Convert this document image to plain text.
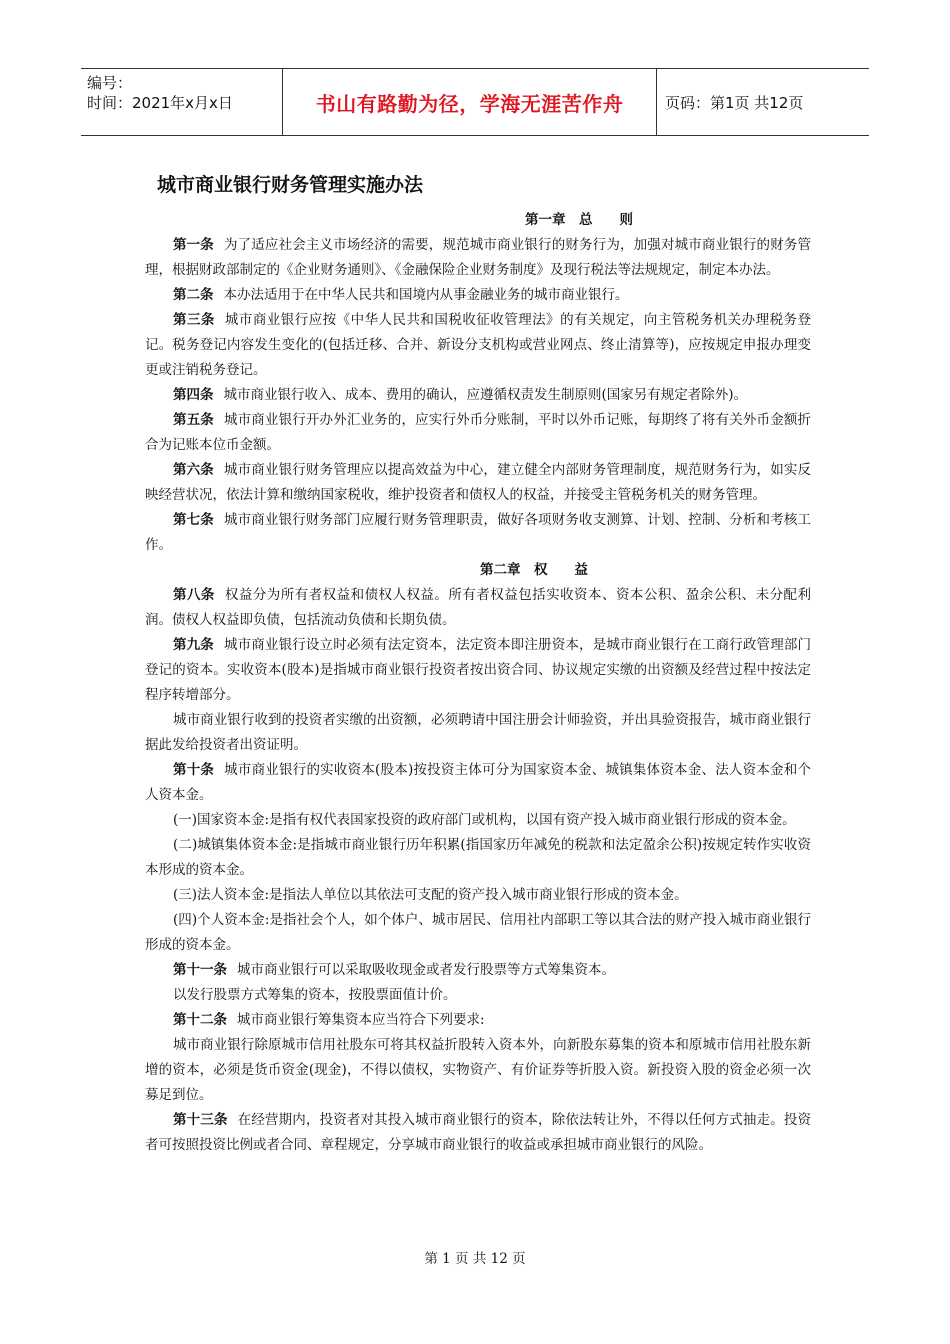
编号：
时间：2021年x月x日	书山有路勤为径，学海无涯苦作舟	页码：第1页 共12页
城市商业银行财务管理实施办法
第一章　总　　则

第一条 为了适应社会主义市场经济的需要，规范城市商业银行的财务行为，加强对城市商业银行的财务管理，根据财政部制定的《企业财务通则》、《金融保险企业财务制度》及现行税法等法规规定，制定本办法。

第二条 本办法适用于在中华人民共和国境内从事金融业务的城市商业银行。

第三条 城市商业银行应按《中华人民共和国税收征收管理法》的有关规定，向主管税务机关办理税务登记。税务登记内容发生变化的(包括迁移、合并、新设分支机构或营业网点、终止清算等)，应按规定申报办理变更或注销税务登记。

第四条 城市商业银行收入、成本、费用的确认，应遵循权责发生制原则(国家另有规定者除外)。

第五条 城市商业银行开办外汇业务的，应实行外币分账制，平时以外币记账，每期终了将有关外币金额折合为记账本位币金额。

第六条 城市商业银行财务管理应以提高效益为中心，建立健全内部财务管理制度，规范财务行为，如实反映经营状况，依法计算和缴纳国家税收，维护投资者和债权人的权益，并接受主管税务机关的财务管理。

第七条 城市商业银行财务部门应履行财务管理职责，做好各项财务收支测算、计划、控制、分析和考核工作。

第二章　权　　益

第八条 权益分为所有者权益和债权人权益。所有者权益包括实收资本、资本公积、盈余公积、未分配利润。债权人权益即负债，包括流动负债和长期负债。

第九条 城市商业银行设立时必须有法定资本，法定资本即注册资本，是城市商业银行在工商行政管理部门登记的资本。实收资本(股本)是指城市商业银行投资者按出资合同、协议规定实缴的出资额及经营过程中按法定程序转增部分。

城市商业银行收到的投资者实缴的出资额，必须聘请中国注册会计师验资，并出具验资报告，城市商业银行据此发给投资者出资证明。

第十条 城市商业银行的实收资本(股本)按投资主体可分为国家资本金、城镇集体资本金、法人资本金和个人资本金。

(一)国家资本金:是指有权代表国家投资的政府部门或机构，以国有资产投入城市商业银行形成的资本金。

(二)城镇集体资本金:是指城市商业银行历年积累(指国家历年减免的税款和法定盈余公积)按规定转作实收资本形成的资本金。

(三)法人资本金:是指法人单位以其依法可支配的资产投入城市商业银行形成的资本金。

(四)个人资本金:是指社会个人，如个体户、城市居民、信用社内部职工等以其合法的财产投入城市商业银行形成的资本金。

第十一条 城市商业银行可以采取吸收现金或者发行股票等方式筹集资本。

以发行股票方式筹集的资本，按股票面值计价。

第十二条 城市商业银行筹集资本应当符合下列要求:

城市商业银行除原城市信用社股东可将其权益折股转入资本外，向新股东募集的资本和原城市信用社股东新增的资本，必须是货币资金(现金)，不得以债权，实物资产、有价证券等折股入资。新投资入股的资金必须一次募足到位。

第十三条 在经营期内，投资者对其投入城市商业银行的资本，除依法转让外，不得以任何方式抽走。投资者可按照投资比例或者合同、章程规定，分享城市商业银行的收益或承担城市商业银行的风险。

第 1 页 共 12 页
